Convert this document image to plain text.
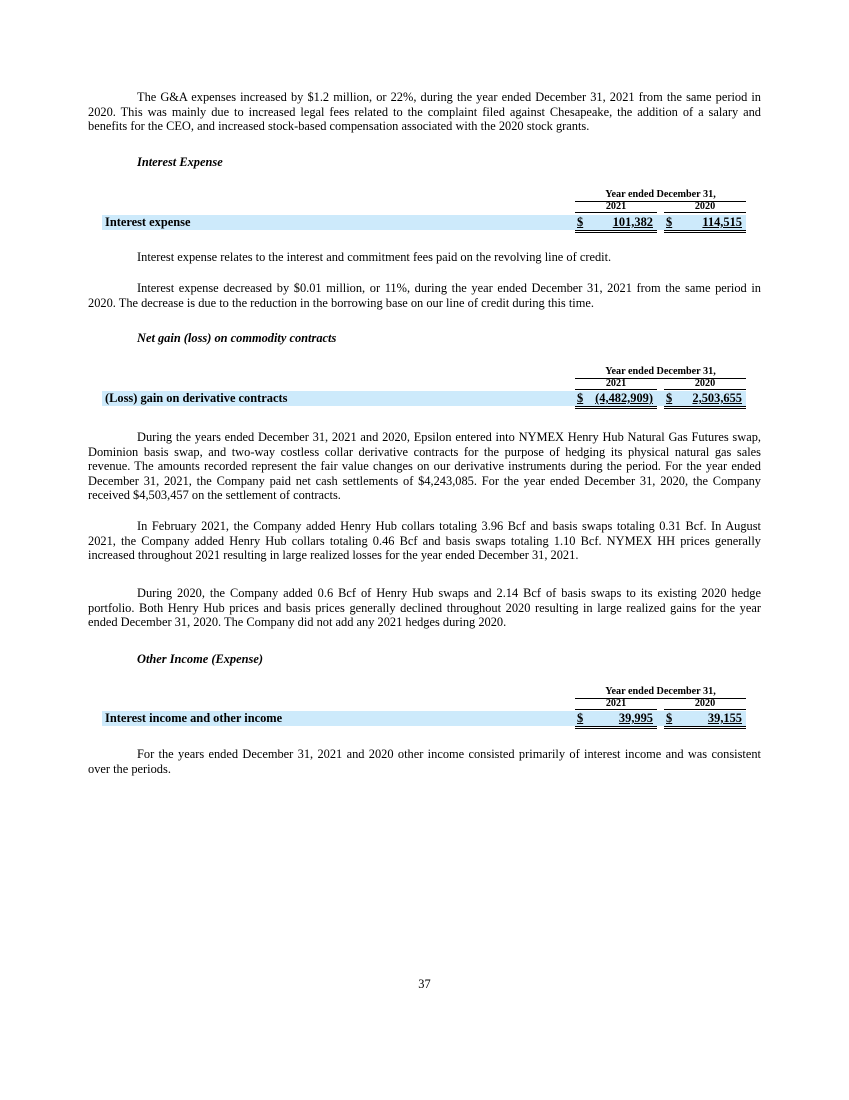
The G&A expenses increased by $1.2 million, or 22%, during the year ended December 31, 2021 from the same period in 2020. This was mainly due to increased legal fees related to the complaint filed against Chesapeake, the addition of a salary and benefits for the CEO, and increased stock-based compensation associated with the 2020 stock grants.

Interest Expense

Year ended December 31,
2021	2020
Interest expense	$ 101,382 $ 114,515

Interest expense relates to the interest and commitment fees paid on the revolving line of credit.

Interest expense decreased by $0.01 million, or 11%, during the year ended December 31, 2021 from the same period in 2020. The decrease is due to the reduction in the borrowing base on our line of credit during this time.

Net gain (loss) on commodity contracts

Year ended December 31,
2021	2020
(Loss) gain on derivative contracts	$ (4,482,909) $ 2,503,655

During the years ended December 31, 2021 and 2020, Epsilon entered into NYMEX Henry Hub Natural Gas Futures swap, Dominion basis swap, and two-way costless collar derivative contracts for the purpose of hedging its physical natural gas sales revenue. The amounts recorded represent the fair value changes on our derivative instruments during the period. For the year ended December 31, 2021, the Company paid net cash settlements of $4,243,085. For the year ended December 31, 2020, the Company received $4,503,457 on the settlement of contracts.

In February 2021, the Company added Henry Hub collars totaling 3.96 Bcf and basis swaps totaling 0.31 Bcf. In August 2021, the Company added Henry Hub collars totaling 0.46 Bcf and basis swaps totaling 1.10 Bcf. NYMEX HH prices generally increased throughout 2021 resulting in large realized losses for the year ended December 31, 2021.

During 2020, the Company added 0.6 Bcf of Henry Hub swaps and 2.14 Bcf of basis swaps to its existing 2020 hedge portfolio. Both Henry Hub prices and basis prices generally declined throughout 2020 resulting in large realized gains for the year ended December 31, 2020. The Company did not add any 2021 hedges during 2020.

Other Income (Expense)

Year ended December 31,
2021	2020
Interest income and other income	$	39,995 $	39,155

For the years ended December 31, 2021 and 2020 other income consisted primarily of interest income and was consistent over the periods.

37
